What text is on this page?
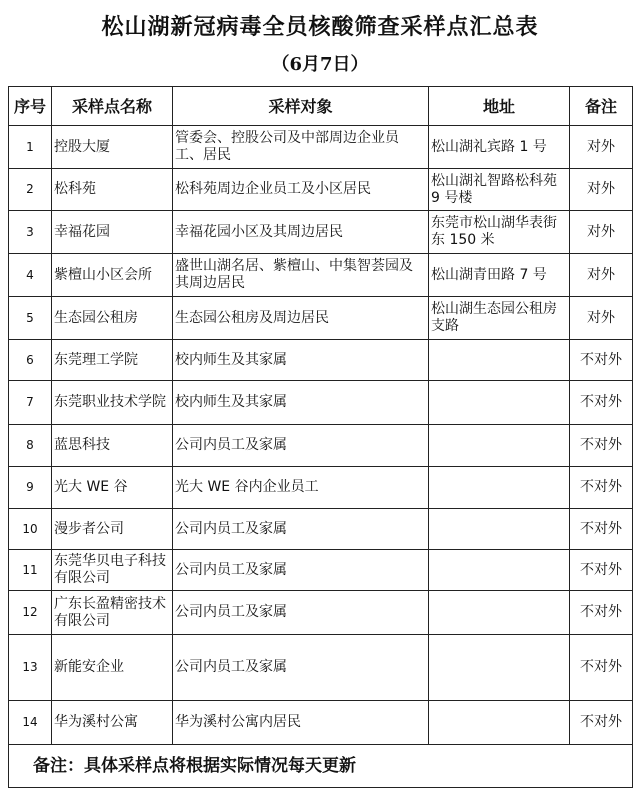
松山湖新冠病毒全员核酸筛查采样点汇总表
（6月7日）
序号	采样点名称	采样对象	地址	备注
1	控股大厦	管委会、控股公司及中部周边企业员工、居民	松山湖礼宾路 1 号	对外
2	松科苑	松科苑周边企业员工及小区居民	松山湖礼智路松科苑 9 号楼	对外
3	幸福花园	幸福花园小区及其周边居民	东莞市松山湖华表街东 150 米	对外
4	紫檀山小区会所	盛世山湖名居、紫檀山、中集智荟园及其周边居民	松山湖青田路 7 号	对外
5	生态园公租房	生态园公租房及周边居民	松山湖生态园公租房支路	对外
6	东莞理工学院	校内师生及其家属		不对外
7	东莞职业技术学院	校内师生及其家属		不对外
8	蓝思科技	公司内员工及家属		不对外
9	光大 WE 谷	光大 WE 谷内企业员工		不对外
10	漫步者公司	公司内员工及家属		不对外
11	东莞华贝电子科技有限公司	公司内员工及家属		不对外
12	广东长盈精密技术有限公司	公司内员工及家属		不对外
13	新能安企业	公司内员工及家属		不对外
14	华为溪村公寓	华为溪村公寓内居民		不对外
备注：具体采样点将根据实际情况每天更新				
